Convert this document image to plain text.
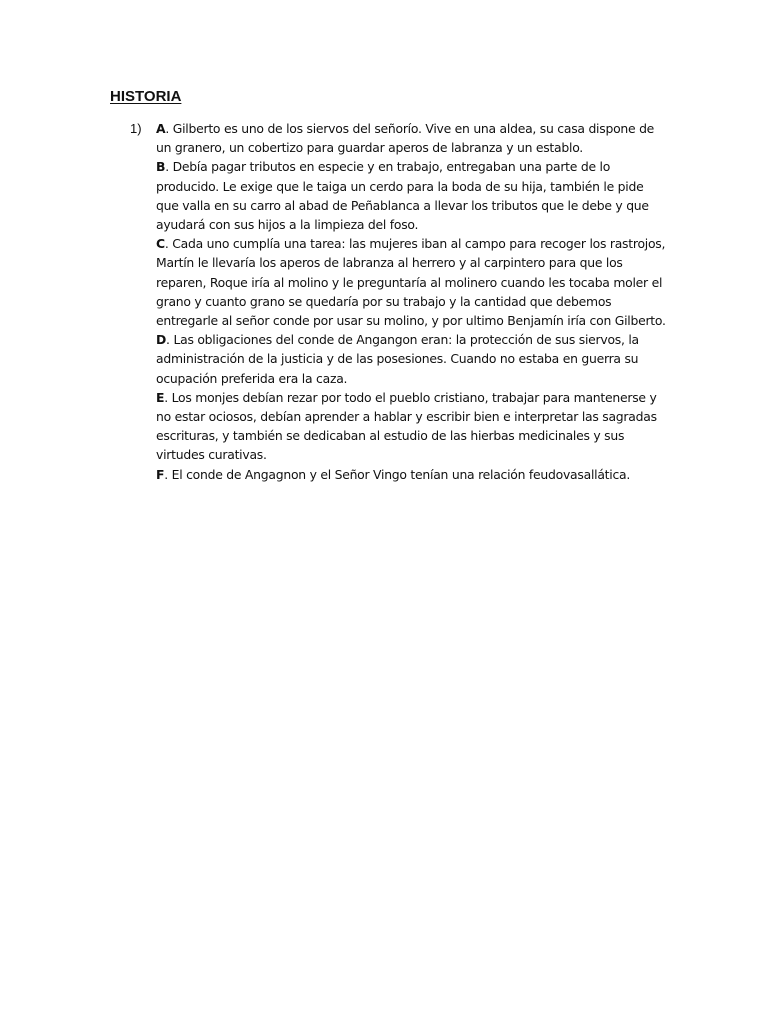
HISTORIA
1) A. Gilberto es uno de los siervos del señorío. Vive en una aldea, su casa dispone de un granero, un cobertizo para guardar aperos de labranza y un establo.
B. Debía pagar tributos en especie y en trabajo, entregaban una parte de lo producido. Le exige que le taiga un cerdo para la boda de su hija, también le pide que valla en su carro al abad de Peñablanca a llevar los tributos que le debe y que ayudará con sus hijos a la limpieza del foso.
C. Cada uno cumplía una tarea: las mujeres iban al campo para recoger los rastrojos, Martín le llevaría los aperos de labranza al herrero y al carpintero para que los reparen, Roque iría al molino y le preguntaría al molinero cuando les tocaba moler el grano y cuanto grano se quedaría por su trabajo y la cantidad que debemos entregarle al señor conde por usar su molino, y por ultimo Benjamín iría con Gilberto.
D. Las obligaciones del conde de Angangon eran: la protección de sus siervos, la administración de la justicia y de las posesiones. Cuando no estaba en guerra su ocupación preferida era la caza.
E. Los monjes debían rezar por todo el pueblo cristiano, trabajar para mantenerse y no estar ociosos, debían aprender a hablar y escribir bien e interpretar las sagradas escrituras, y también se dedicaban al estudio de las hierbas medicinales y sus virtudes curativas.
F. El conde de Angagnon y el Señor Vingo tenían una relación feudovasallática.
